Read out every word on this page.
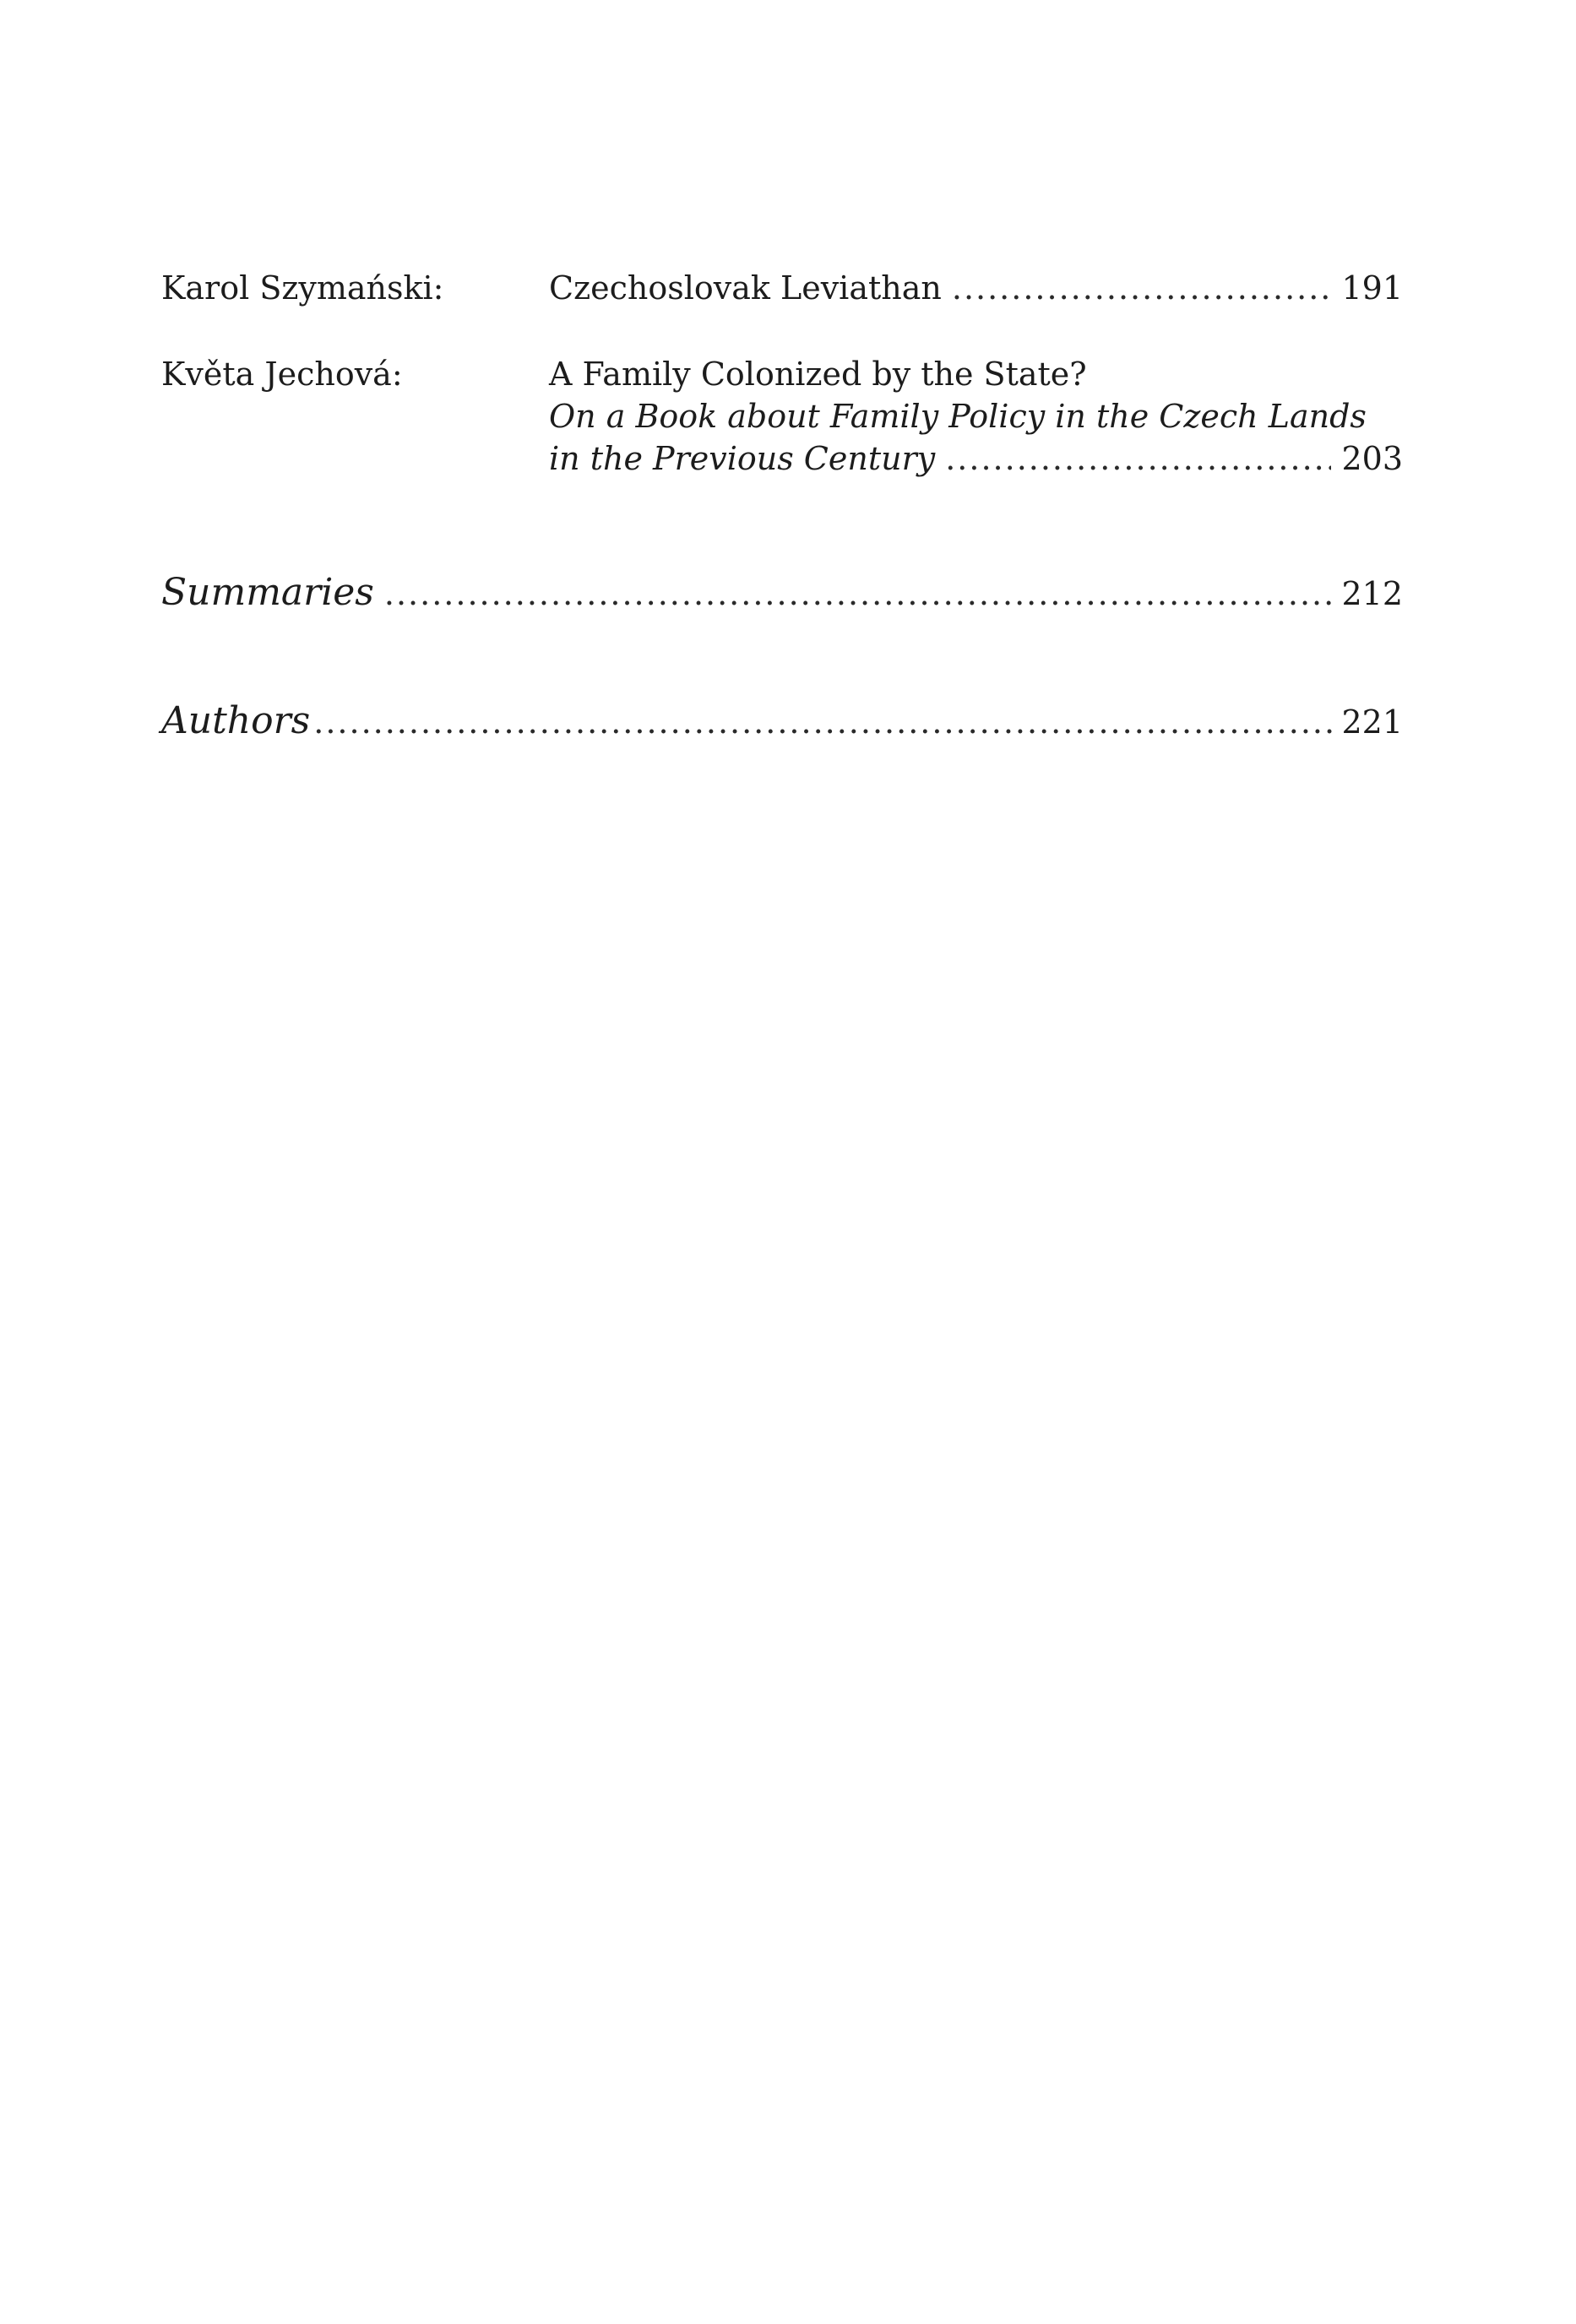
Karol Szymański:	Czechoslovak Leviathan .....	191
Květa Jechová:	A Family Colonized by the State?
On a Book about Family Policy in the Czech Lands
in the Previous Century .....	203
Summaries .....	212
Authors .....	221
